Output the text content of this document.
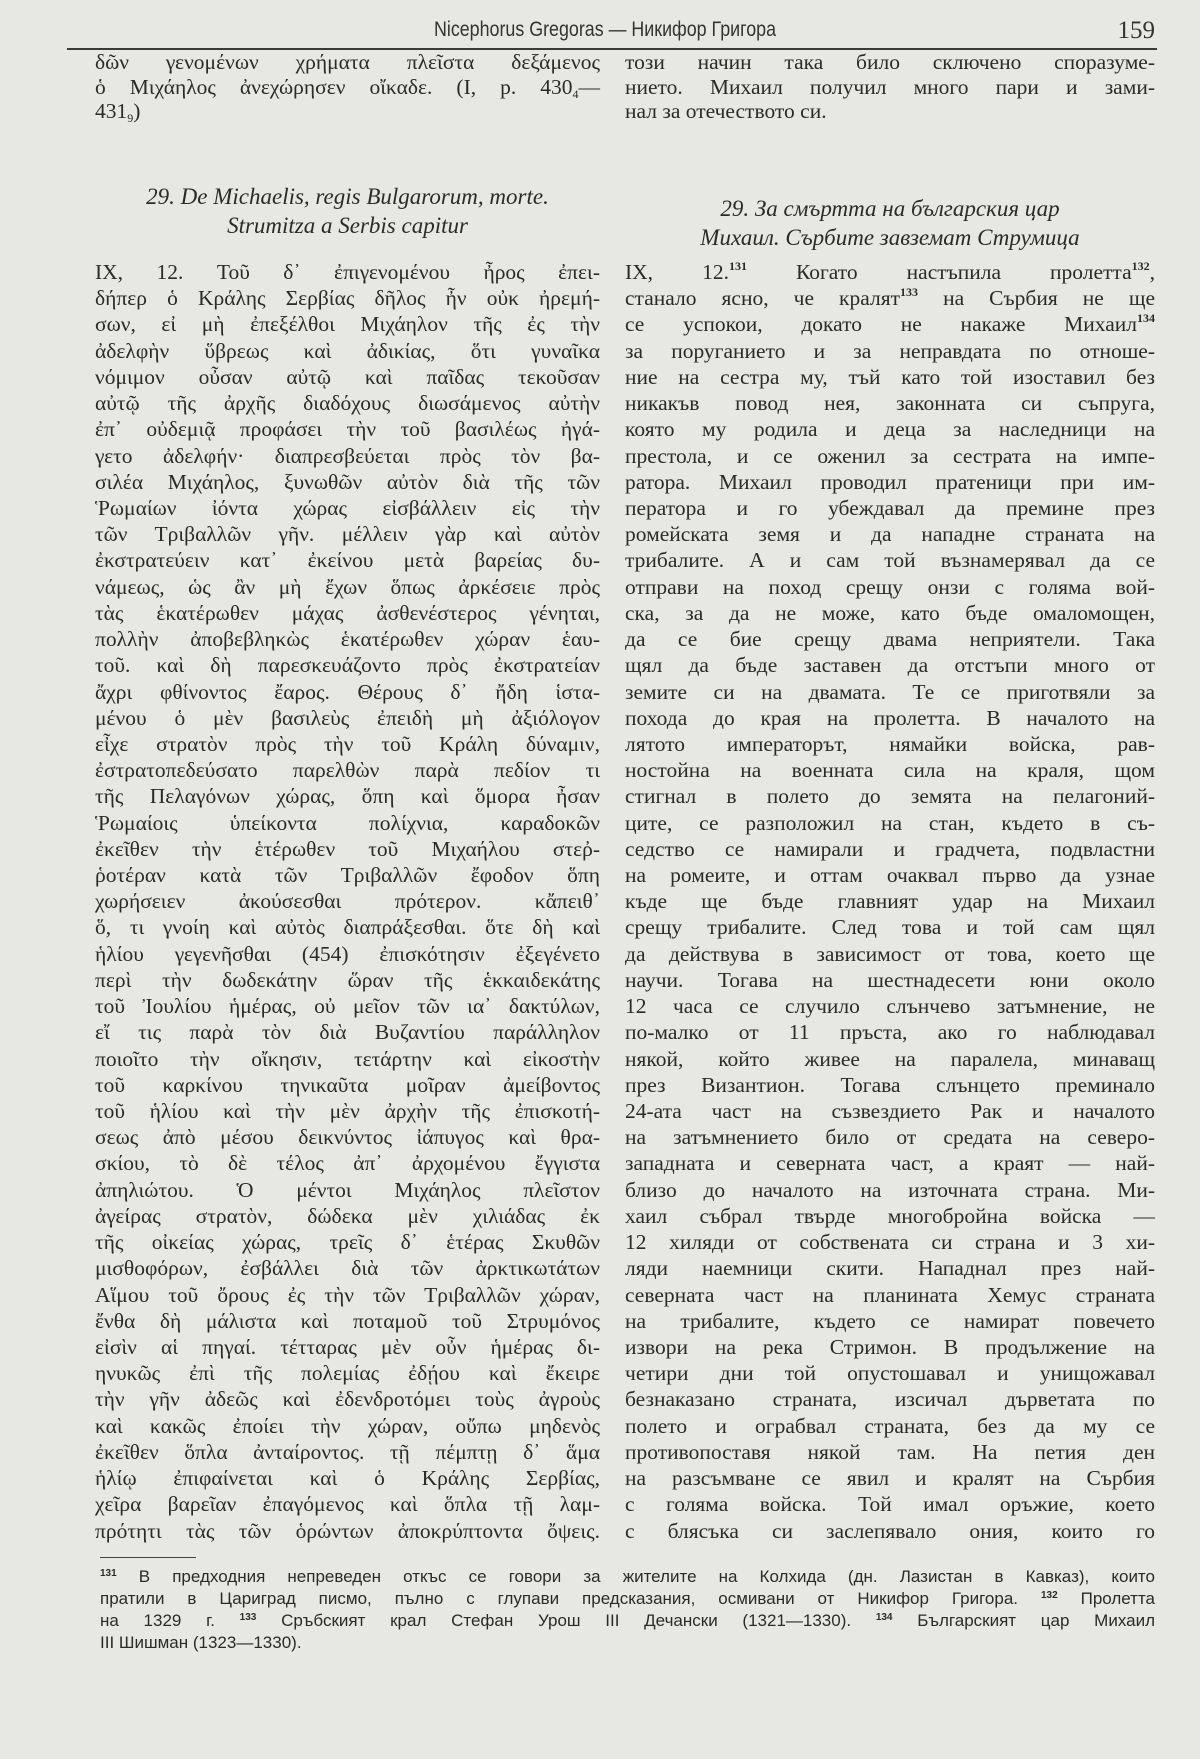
Nicephorus Gregoras — Никифор Григора	159
δῶν γενομένων χρήματα πλεῖστα δεξάμενος
ὁ Μιχάηλος ἀνεχώρησεν οἴκαδε. (I, p. $430_4—$
$431_9$)
29. De Michaelis, regis Bulgarorum, morte.
Strumitza a Serbis capitur
IX, 12. Τοῦ δ᾽ ἐπιγενομένου ἦρος ἐπει-
δήπερ ὁ Κράλης Σερβίας δῆλος ἦν οὐκ ἠρεμή-
σων, εἰ μὴ ἐπεξέλθοι Μιχάηλον τῆς ἐς τὴν
ἀδελφὴν ὕβρεως καὶ ἀδικίας, ὅτι γυναῖκα
νόμιμον οὖσαν αὐτῷ καὶ παῖδας τεκοῦσαν
αὐτῷ τῆς ἀρχῆς διαδόχους διωσάμενος αὐτὴν
ἐπ᾽ οὐδεμιᾷ προφάσει τὴν τοῦ βασιλέως ἠγά-
γετο ἀδελφήν· διαπρεσβεύεται πρὸς τὸν βα-
σιλέα Μιχάηλος, ξυνωθῶν αὐτὸν διὰ τῆς τῶν
Ῥωμαίων ἰόντα χώρας εἰσβάλλειν εἰς τὴν
τῶν Τριβαλλῶν γῆν. μέλλειν γὰρ καὶ αὐτὸν
ἐκστρατεύειν κατ᾽ ἐκείνου μετὰ βαρείας δυ-
νάμεως, ὡς ἂν μὴ ἔχων ὅπως ἀρκέσειε πρὸς
τὰς ἑκατέρωθεν μάχας ἀσθενέστερος γένηται,
πολλὴν ἀποβεβληκὼς ἑκατέρωθεν χώραν ἑαυ-
τοῦ. καὶ δὴ παρεσκευάζοντο πρὸς ἐκστρατείαν
ἄχρι φθίνοντος ἔαρος. Θέρους δ᾽ ἤδη ἱστα-
μένου ὁ μὲν βασιλεὺς ἐπειδὴ μὴ ἀξιόλογον
εἶχε στρατὸν πρὸς τὴν τοῦ Κράλη δύναμιν,
ἐστρατοπεδεύσατο παρελθὼν παρὰ πεδίον τι
τῆς Πελαγόνων χώρας, ὅπη καὶ ὅμορα ἦσαν
Ῥωμαίοις ὑπείκοντα πολίχνια, καραδοκῶν
ἐκεῖθεν τὴν ἑτέρωθεν τοῦ Μιχαήλου στεῤ-
ῥοτέραν κατὰ τῶν Τριβαλλῶν ἔφοδον ὅπη
χωρήσειεν ἀκούσεσθαι πρότερον. κἄπειθ᾽
ὅ, τι γνοίη καὶ αὐτὸς διαπράξεσθαι. ὅτε δὴ καὶ
ἡλίου γεγενῆσθαι (454) ἐπισκότησιν ἐξεγένετο
περὶ τὴν δωδεκάτην ὥραν τῆς ἑκκαιδεκάτης
τοῦ Ἰουλίου ἡμέρας, οὐ μεῖον τῶν ια᾽ δακτύλων,
εἴ τις παρὰ τὸν διὰ Βυζαντίου παράλληλον
ποιοῖτο τὴν οἴκησιν, τετάρτην καὶ εἰκοστὴν
τοῦ καρκίνου τηνικαῦτα μοῖραν ἀμείβοντος
τοῦ ἡλίου καὶ τὴν μὲν ἀρχὴν τῆς ἐπισκοτή-
σεως ἀπὸ μέσου δεικνύντος ἰάπυγος καὶ θρα-
σκίου, τὸ δὲ τέλος ἀπ᾽ ἀρχομένου ἔγγιστα
ἀπηλιώτου. Ὁ μέντοι Μιχάηλος πλεῖστον
ἀγείρας στρατὸν, δώδεκα μὲν χιλιάδας ἐκ
τῆς οἰκείας χώρας, τρεῖς δ᾽ ἑτέρας Σκυθῶν
μισθοφόρων, ἐσβάλλει διὰ τῶν ἀρκτικωτάτων
Αἵμου τοῦ ὄρους ἐς τὴν τῶν Τριβαλλῶν χώραν,
ἔνθα δὴ μάλιστα καὶ ποταμοῦ τοῦ Στρυμόνος
εἰσὶν αἱ πηγαί. τέτταρας μὲν οὖν ἡμέρας δι-
ηνυκῶς ἐπὶ τῆς πολεμίας ἐδῄου καὶ ἔκειρε
τὴν γῆν ἀδεῶς καὶ ἐδενδροτόμει τοὺς ἀγροὺς
καὶ κακῶς ἐποίει τὴν χώραν, οὔπω μηδενὸς
ἐκεῖθεν ὅπλα ἀνταίροντος. τῇ πέμπτῃ δ᾽ ἅμα
ἡλίῳ ἐπιφαίνεται καὶ ὁ Κράλης Σερβίας,
χεῖρα βαρεῖαν ἐπαγόμενος καὶ ὅπλα τῇ λαμ-
πρότητι τὰς τῶν ὁρώντων ἀποκρύπτοντα ὄψεις.
този начин така било сключено споразуме-
нието. Михаил получил много пари и зами-
нал за отечеството си.
29. За смъртта на българския цар
Михаил. Сърбите завземат Струмица
IX, 12.$^{131}$ Когато настъпила пролетта$^{132}$,
станало ясно, че кралят$^{133}$ на Сърбия не ще
се успокои, докато не накаже Михаил$^{134}$
за поруганието и за неправдата по отноше-
ние на сестра му, тъй като той изоставил без
никакъв повод нея, законната си съпруга,
която му родила и деца за наследници на
престола, и се оженил за сестрата на импе-
ратора. Михаил проводил пратеници при им-
ператора и го убеждавал да премине през
ромейската земя и да нападне страната на
трибалите. А и сам той възнамерявал да се
отправи на поход срещу онзи с голяма вой-
ска, за да не може, като бъде омаломощен,
да се бие срещу двама неприятели. Така
щял да бъде заставен да отстъпи много от
земите си на двамата. Те се приготвяли за
похода до края на пролетта. В началото на
лятото императорът, нямайки войска, рав-
ностойна на военната сила на краля, щом
стигнал в полето до земята на пелагоний-
ците, се разположил на стан, където в съ-
седство се намирали и градчета, подвластни
на ромеите, и оттам очаквал първо да узнае
къде ще бъде главният удар на Михаил
срещу трибалите. След това и той сам щял
да действува в зависимост от това, което ще
научи. Тогава на шестнадесети юни около
12 часа се случило слънчево затъмнение, не
по-малко от 11 пръста, ако го наблюдавал
някой, който живее на паралела, минаващ
през Византион. Тогава слънцето преминало
24-ата част на съзвездието Рак и началото
на затъмнението било от средата на северо-
западната и северната част, а краят — най-
близо до началото на източната страна. Ми-
хаил събрал твърде многобройна войска —
12 хиляди от собствената си страна и 3 хи-
ляди наемници скити. Нападнал през най-
северната част на планината Хемус страната
на трибалите, където се намират повечето
извори на река Стримон. В продължение на
четири дни той опустошавал и унищожавал
безнаказано страната, изсичал дърветата по
полето и ограбвал страната, без да му се
противопоставя някой там. На петия ден
на разсъмване се явил и кралят на Сърбия
с голяма войска. Той имал оръжие, което
с блясъка си заслепявало ония, които го
$^{131}$ В предходния непреведен откъс се говори за жителите на Колхида (дн. Лазистан в Кавказ), които
пратили в Цариград писмо, пълно с глупави предсказания, осмивани от Никифор Григора. $^{132}$ Пролетта
на 1329 г. $^{133}$ Сръбският крал Стефан Урош III Дечански (1321—1330). $^{134}$ Българският цар Михаил
III Шишман (1323—1330).
